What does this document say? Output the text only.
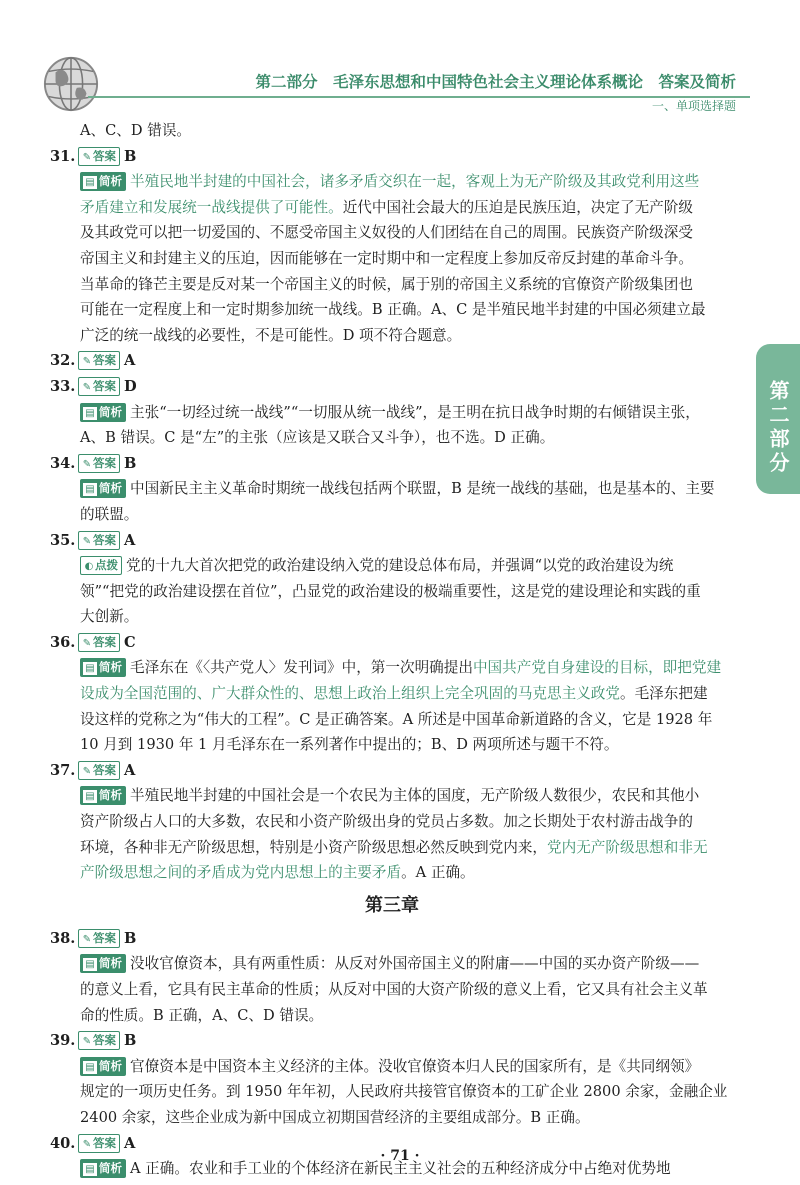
第二部分　毛泽东思想和中国特色社会主义理论体系概论　答案及简析
一、单项选择题
第二部分
A、C、D 错误。
31. ✎ 答案 B
▤ 简析 半殖民地半封建的中国社会，诸多矛盾交织在一起，客观上为无产阶级及其政党利用这些
矛盾建立和发展统一战线提供了可能性。近代中国社会最大的压迫是民族压迫，决定了无产阶级
及其政党可以把一切爱国的、不愿受帝国主义奴役的人们团结在自己的周围。民族资产阶级深受
帝国主义和封建主义的压迫，因而能够在一定时期中和一定程度上参加反帝反封建的革命斗争。
当革命的锋芒主要是反对某一个帝国主义的时候，属于别的帝国主义系统的官僚资产阶级集团也
可能在一定程度上和一定时期参加统一战线。B 正确。A、C 是半殖民地半封建的中国必须建立最
广泛的统一战线的必要性，不是可能性。D 项不符合题意。
32. ✎ 答案 A
33. ✎ 答案 D
▤ 简析 主张“一切经过统一战线”“一切服从统一战线”，是王明在抗日战争时期的右倾错误主张，
A、B 错误。C 是“左”的主张（应该是又联合又斗争），也不选。D 正确。
34. ✎ 答案 B
▤ 简析 中国新民主主义革命时期统一战线包括两个联盟，B 是统一战线的基础，也是基本的、主要
的联盟。
35. ✎ 答案 A
◐ 点拨 党的十九大首次把党的政治建设纳入党的建设总体布局，并强调“以党的政治建设为统
领”“把党的政治建设摆在首位”，凸显党的政治建设的极端重要性，这是党的建设理论和实践的重
大创新。
36. ✎ 答案 C
▤ 简析 毛泽东在《〈共产党人〉发刊词》中，第一次明确提出中国共产党自身建设的目标，即把党建
设成为全国范围的、广大群众性的、思想上政治上组织上完全巩固的马克思主义政党。毛泽东把建
设这样的党称之为“伟大的工程”。C 是正确答案。A 所述是中国革命新道路的含义，它是 1928 年
10 月到 1930 年 1 月毛泽东在一系列著作中提出的；B、D 两项所述与题干不符。
37. ✎ 答案 A
▤ 简析 半殖民地半封建的中国社会是一个农民为主体的国度，无产阶级人数很少，农民和其他小
资产阶级占人口的大多数，农民和小资产阶级出身的党员占多数。加之长期处于农村游击战争的
环境，各种非无产阶级思想，特别是小资产阶级思想必然反映到党内来，党内无产阶级思想和非无
产阶级思想之间的矛盾成为党内思想上的主要矛盾。A 正确。
第三章
38. ✎ 答案 B
▤ 简析 没收官僚资本，具有两重性质：从反对外国帝国主义的附庸——中国的买办资产阶级——
的意义上看，它具有民主革命的性质；从反对中国的大资产阶级的意义上看，它又具有社会主义革
命的性质。B 正确，A、C、D 错误。
39. ✎ 答案 B
▤ 简析 官僚资本是中国资本主义经济的主体。没收官僚资本归人民的国家所有，是《共同纲领》
规定的一项历史任务。到 1950 年年初，人民政府共接管官僚资本的工矿企业 2800 余家，金融企业
2400 余家，这些企业成为新中国成立初期国营经济的主要组成部分。B 正确。
40. ✎ 答案 A
▤ 简析 A 正确。农业和手工业的个体经济在新民主主义社会的五种经济成分中占绝对优势地
· 71 ·
